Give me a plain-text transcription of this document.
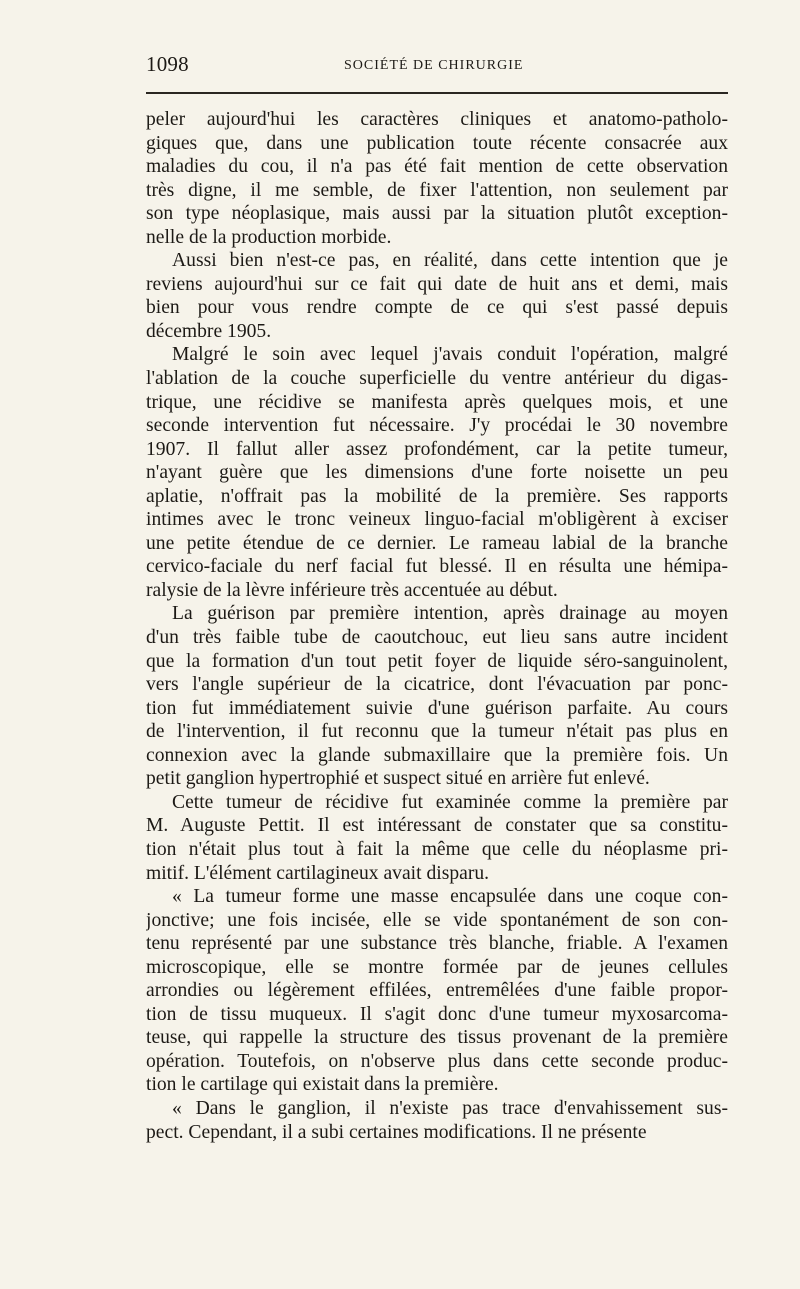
1098	SOCIÉTÉ DE CHIRURGIE
peler aujourd'hui les caractères cliniques et anatomo-patholo-
giques que, dans une publication toute récente consacrée aux
maladies du cou, il n'a pas été fait mention de cette observation
très digne, il me semble, de fixer l'attention, non seulement par
son type néoplasique, mais aussi par la situation plutôt exception-
nelle de la production morbide.
Aussi bien n'est-ce pas, en réalité, dans cette intention que je
reviens aujourd'hui sur ce fait qui date de huit ans et demi, mais
bien pour vous rendre compte de ce qui s'est passé depuis
décembre 1905.
Malgré le soin avec lequel j'avais conduit l'opération, malgré
l'ablation de la couche superficielle du ventre antérieur du digas-
trique, une récidive se manifesta après quelques mois, et une
seconde intervention fut nécessaire. J'y procédai le 30 novembre
1907. Il fallut aller assez profondément, car la petite tumeur,
n'ayant guère que les dimensions d'une forte noisette un peu
aplatie, n'offrait pas la mobilité de la première. Ses rapports
intimes avec le tronc veineux linguo-facial m'obligèrent à exciser
une petite étendue de ce dernier. Le rameau labial de la branche
cervico-faciale du nerf facial fut blessé. Il en résulta une hémipa-
ralysie de la lèvre inférieure très accentuée au début.
La guérison par première intention, après drainage au moyen
d'un très faible tube de caoutchouc, eut lieu sans autre incident
que la formation d'un tout petit foyer de liquide séro-sanguinolent,
vers l'angle supérieur de la cicatrice, dont l'évacuation par ponc-
tion fut immédiatement suivie d'une guérison parfaite. Au cours
de l'intervention, il fut reconnu que la tumeur n'était pas plus en
connexion avec la glande submaxillaire que la première fois. Un
petit ganglion hypertrophié et suspect situé en arrière fut enlevé.
Cette tumeur de récidive fut examinée comme la première par
M. Auguste Pettit. Il est intéressant de constater que sa constitu-
tion n'était plus tout à fait la même que celle du néoplasme pri-
mitif. L'élément cartilagineux avait disparu.
« La tumeur forme une masse encapsulée dans une coque con-
jonctive; une fois incisée, elle se vide spontanément de son con-
tenu représenté par une substance très blanche, friable. A l'examen
microscopique, elle se montre formée par de jeunes cellules
arrondies ou légèrement effilées, entremêlées d'une faible propor-
tion de tissu muqueux. Il s'agit donc d'une tumeur myxosarcoma-
teuse, qui rappelle la structure des tissus provenant de la première
opération. Toutefois, on n'observe plus dans cette seconde produc-
tion le cartilage qui existait dans la première.
« Dans le ganglion, il n'existe pas trace d'envahissement sus-
pect. Cependant, il a subi certaines modifications. Il ne présente
